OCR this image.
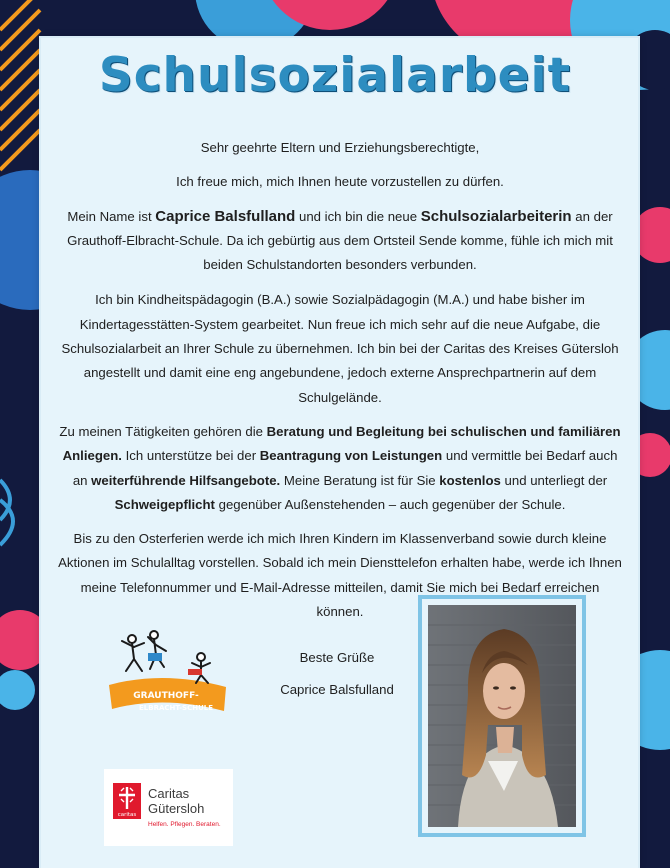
Schulsozialarbeit

Sehr geehrte Eltern und Erziehungsberechtigte,

Ich freue mich, mich Ihnen heute vorzustellen zu dürfen.

Mein Name ist Caprice Balsfulland und ich bin die neue Schulsozialarbeiterin an der Grauthoff-Elbracht-Schule. Da ich gebürtig aus dem Ortsteil Sende komme, fühle ich mich mit beiden Schulstandorten besonders verbunden.

Ich bin Kindheitspädagogin (B.A.) sowie Sozialpädagogin (M.A.) und habe bisher im Kindertagesstätten-System gearbeitet. Nun freue ich mich sehr auf die neue Aufgabe, die Schulsozialarbeit an Ihrer Schule zu übernehmen. Ich bin bei der Caritas des Kreises Gütersloh angestellt und damit eine eng angebundene, jedoch externe Ansprechpartnerin auf dem Schulgelände.

Zu meinen Tätigkeiten gehören die Beratung und Begleitung bei schulischen und familiären Anliegen. Ich unterstütze bei der Beantragung von Leistungen und vermittle bei Bedarf auch an weiterführende Hilfsangebote. Meine Beratung ist für Sie kostenlos und unterliegt der Schweigepflicht gegenüber Außenstehenden – auch gegenüber der Schule.

Bis zu den Osterferien werde ich mich Ihren Kindern im Klassenverband sowie durch kleine Aktionen im Schulalltag vorstellen. Sobald ich mein Diensttelefon erhalten habe, werde ich Ihnen meine Telefonnummer und E-Mail-Adresse mitteilen, damit Sie mich bei Bedarf erreichen können.

Beste Grüße
Caprice Balsfulland
GRAUTHOFF-
ELBRACHT-SCHULE
caritas
Caritas
Gütersloh
Helfen. Pflegen. Beraten.
